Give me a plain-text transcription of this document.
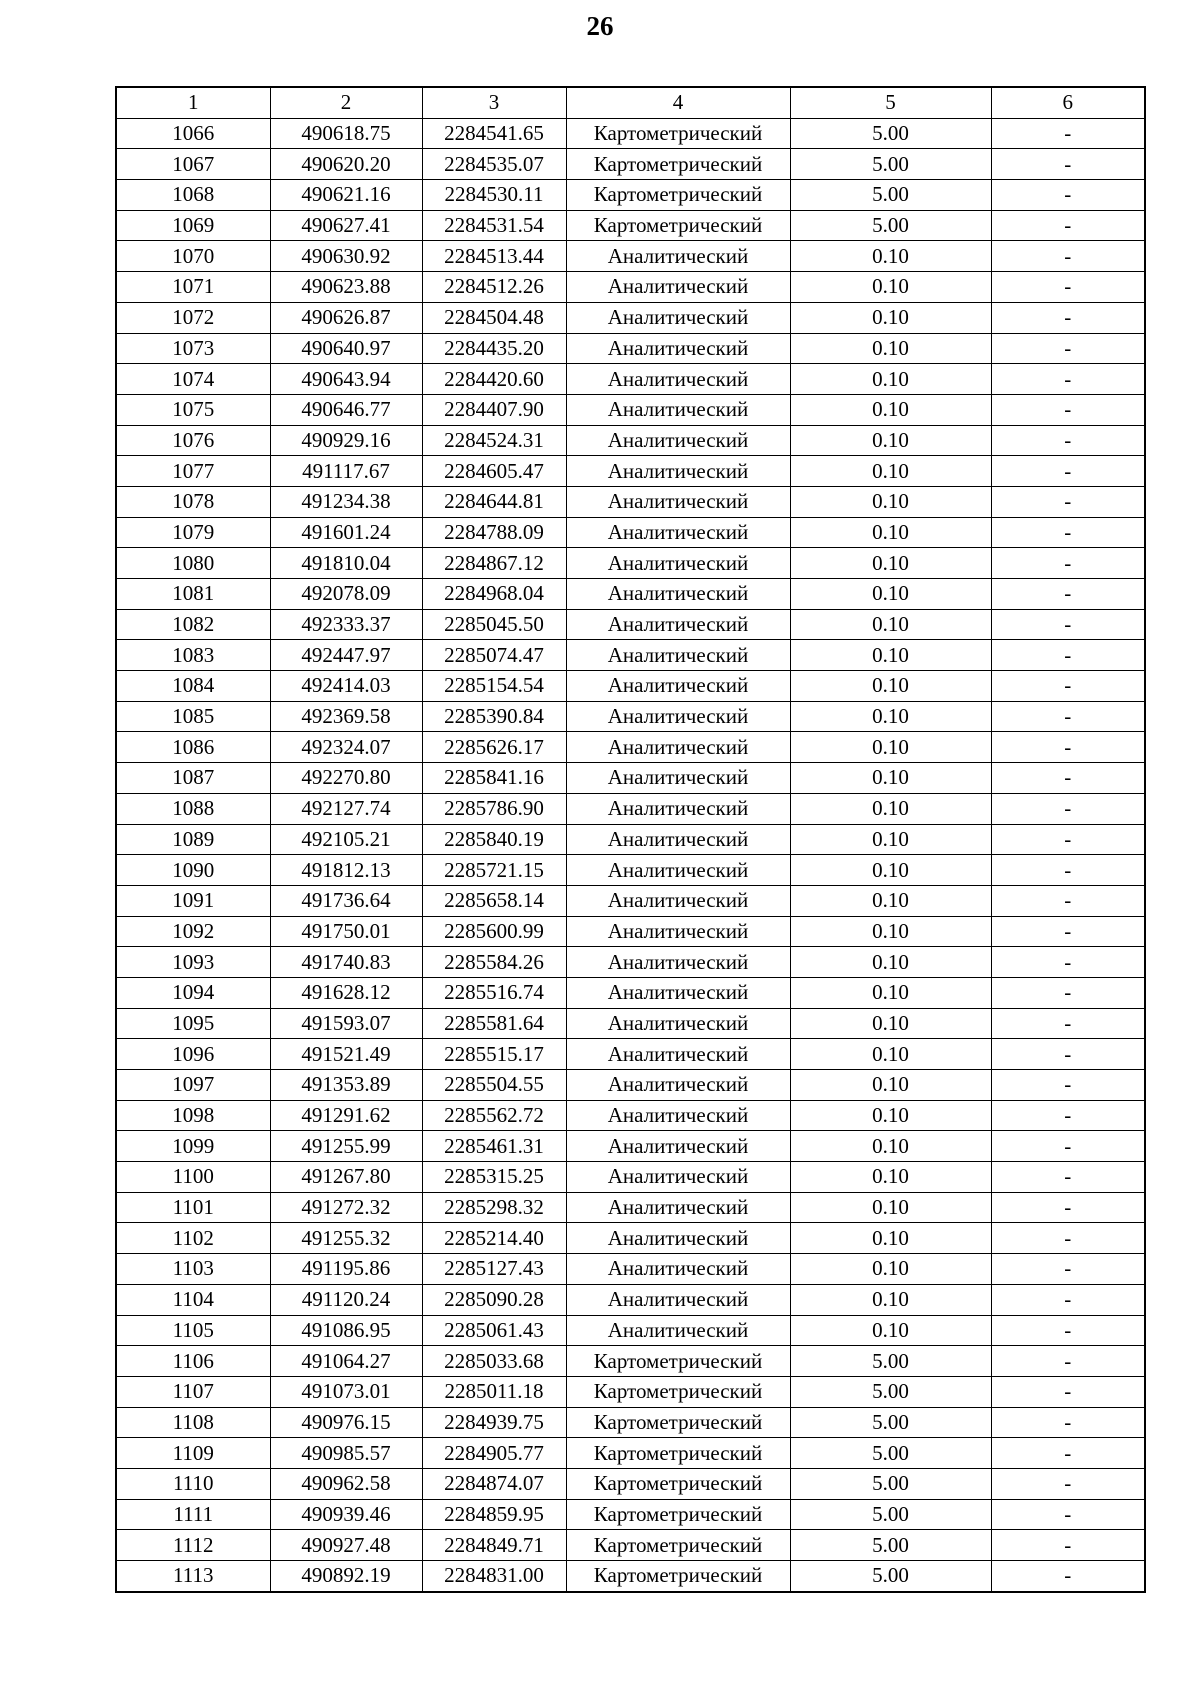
26
1	2	3	4	5	6
1066	490618.75	2284541.65	Картометрический	5.00	-
1067	490620.20	2284535.07	Картометрический	5.00	-
1068	490621.16	2284530.11	Картометрический	5.00	-
1069	490627.41	2284531.54	Картометрический	5.00	-
1070	490630.92	2284513.44	Аналитический	0.10	-
1071	490623.88	2284512.26	Аналитический	0.10	-
1072	490626.87	2284504.48	Аналитический	0.10	-
1073	490640.97	2284435.20	Аналитический	0.10	-
1074	490643.94	2284420.60	Аналитический	0.10	-
1075	490646.77	2284407.90	Аналитический	0.10	-
1076	490929.16	2284524.31	Аналитический	0.10	-
1077	491117.67	2284605.47	Аналитический	0.10	-
1078	491234.38	2284644.81	Аналитический	0.10	-
1079	491601.24	2284788.09	Аналитический	0.10	-
1080	491810.04	2284867.12	Аналитический	0.10	-
1081	492078.09	2284968.04	Аналитический	0.10	-
1082	492333.37	2285045.50	Аналитический	0.10	-
1083	492447.97	2285074.47	Аналитический	0.10	-
1084	492414.03	2285154.54	Аналитический	0.10	-
1085	492369.58	2285390.84	Аналитический	0.10	-
1086	492324.07	2285626.17	Аналитический	0.10	-
1087	492270.80	2285841.16	Аналитический	0.10	-
1088	492127.74	2285786.90	Аналитический	0.10	-
1089	492105.21	2285840.19	Аналитический	0.10	-
1090	491812.13	2285721.15	Аналитический	0.10	-
1091	491736.64	2285658.14	Аналитический	0.10	-
1092	491750.01	2285600.99	Аналитический	0.10	-
1093	491740.83	2285584.26	Аналитический	0.10	-
1094	491628.12	2285516.74	Аналитический	0.10	-
1095	491593.07	2285581.64	Аналитический	0.10	-
1096	491521.49	2285515.17	Аналитический	0.10	-
1097	491353.89	2285504.55	Аналитический	0.10	-
1098	491291.62	2285562.72	Аналитический	0.10	-
1099	491255.99	2285461.31	Аналитический	0.10	-
1100	491267.80	2285315.25	Аналитический	0.10	-
1101	491272.32	2285298.32	Аналитический	0.10	-
1102	491255.32	2285214.40	Аналитический	0.10	-
1103	491195.86	2285127.43	Аналитический	0.10	-
1104	491120.24	2285090.28	Аналитический	0.10	-
1105	491086.95	2285061.43	Аналитический	0.10	-
1106	491064.27	2285033.68	Картометрический	5.00	-
1107	491073.01	2285011.18	Картометрический	5.00	-
1108	490976.15	2284939.75	Картометрический	5.00	-
1109	490985.57	2284905.77	Картометрический	5.00	-
1110	490962.58	2284874.07	Картометрический	5.00	-
1111	490939.46	2284859.95	Картометрический	5.00	-
1112	490927.48	2284849.71	Картометрический	5.00	-
1113	490892.19	2284831.00	Картометрический	5.00	-
